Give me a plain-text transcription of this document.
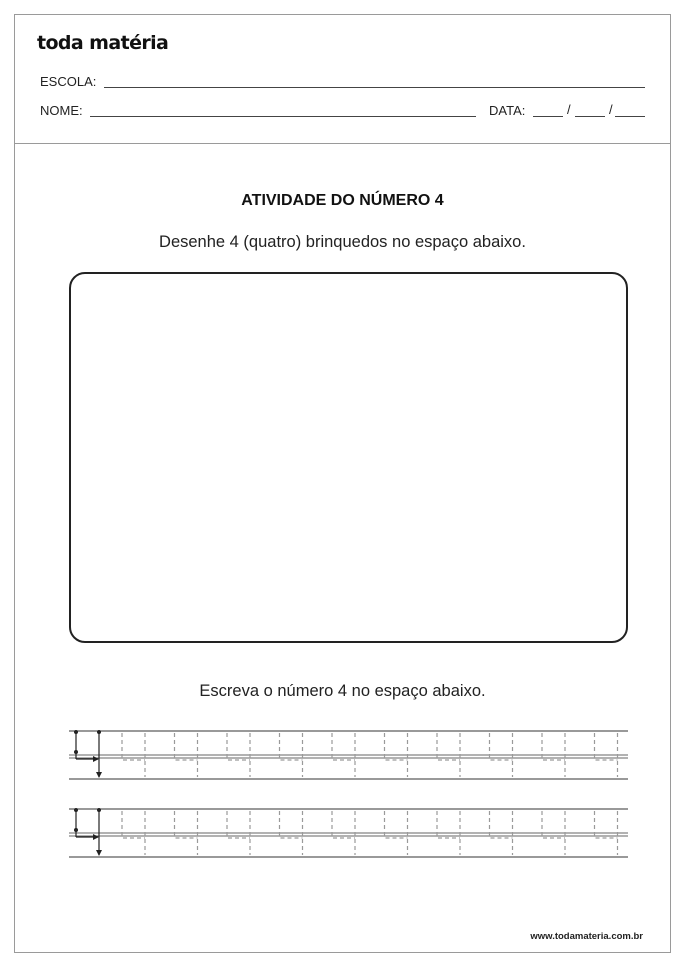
toda matéria
ESCOLA:
NOME:	DATA:	/	/
ATIVIDADE DO NÚMERO 4
Desenhe 4 (quatro) brinquedos no espaço abaixo.
Escreva o número 4 no espaço abaixo.
www.todamateria.com.br
